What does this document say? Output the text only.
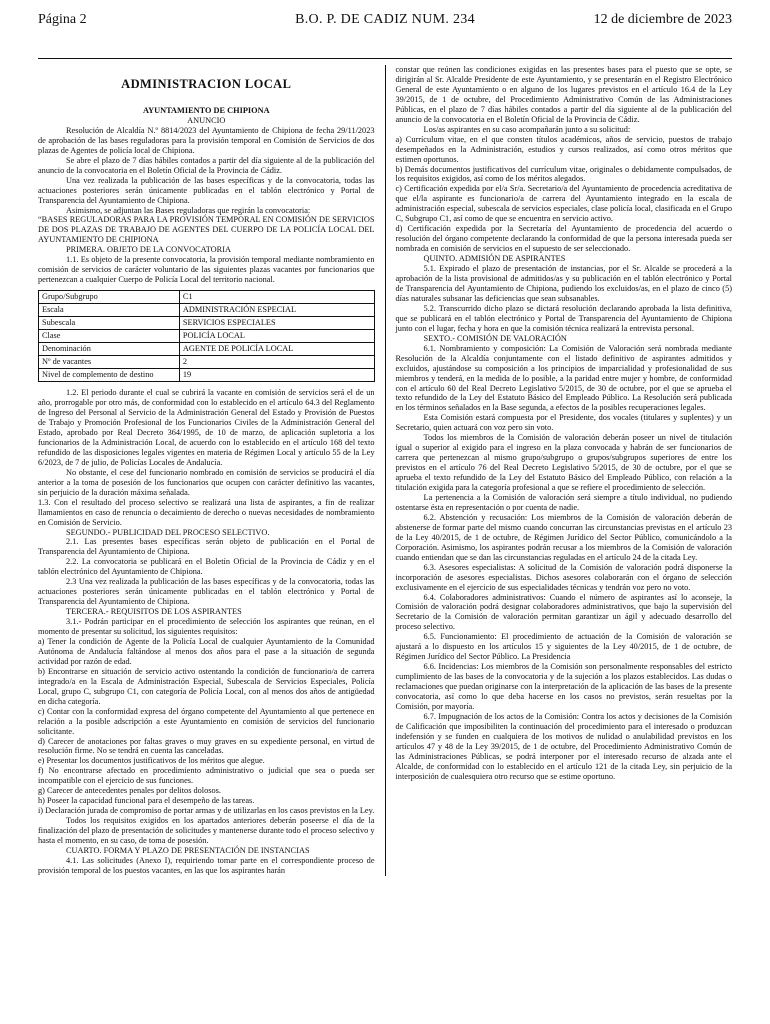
Página 2	12 de diciembre de 2023
B.O. P. DE CADIZ NUM. 234
ADMINISTRACION LOCAL

AYUNTAMIENTO DE CHIPIONA

ANUNCIO

Resolución de Alcaldía N.º 8814/2023 del Ayuntamiento de Chipiona de fecha 29/11/2023 de aprobación de las bases reguladoras para la provisión temporal en Comisión de Servicios de dos plazas de Agentes de policía local de Chipiona.

Se abre el plazo de 7 días hábiles contados a partir del día siguiente al de la publicación del anuncio de la convocatoria en el Boletín Oficial de la Provincia de Cádiz.

Una vez realizada la publicación de las bases específicas y de la convocatoria, todas las actuaciones posteriores serán únicamente publicadas en el tablón electrónico y Portal de Transparencia del Ayuntamiento de Chipiona.

Asimismo, se adjuntan las Bases reguladoras que regirán la convocatoria:

“BASES REGULADORAS PARA LA PROVISIÓN TEMPORAL EN COMISIÓN DE SERVICIOS DE DOS PLAZAS DE TRABAJO DE AGENTES DEL CUERPO DE LA POLICÍA LOCAL DEL AYUNTAMIENTO DE CHIPIONA

PRIMERA. OBJETO DE LA CONVOCATORIA

1.1. Es objeto de la presente convocatoria, la provisión temporal mediante nombramiento en comisión de servicios de carácter voluntario de las siguientes plazas vacantes por funcionarios que pertenezcan a cualquier Cuerpo de Policía Local del territorio nacional.

Grupo/Subgrupo	C1
Escala	ADMINISTRACIÓN ESPECIAL
Subescala	SERVICIOS ESPECIALES
Clase	POLICÍA LOCAL
Denominación	AGENTE DE POLICÍA LOCAL
Nº de vacantes	2
Nivel de complemento de destino	19

1.2. El periodo durante el cual se cubrirá la vacante en comisión de servicios será el de un año, prorrogable por otro más, de conformidad con lo establecido en el artículo 64.3 del Reglamento de Ingreso del Personal al Servicio de la Administración General del Estado y Provisión de Puestos de Trabajo y Promoción Profesional de los Funcionarios Civiles de la Administración General del Estado, aprobado por Real Decreto 364/1995, de 10 de marzo, de aplicación supletoria a los funcionarios de la Administración Local, de acuerdo con lo establecido en el artículo 168 del texto refundido de las disposiciones legales vigentes en materia de Régimen Local y artículo 55 de la Ley 6/2023, de 7 de julio, de Policías Locales de Andalucía.

No obstante, el cese del funcionario nombrado en comisión de servicios se producirá el día anterior a la toma de posesión de los funcionarios que ocupen con carácter definitivo las vacantes, sin perjuicio de la duración máxima señalada.

1.3. Con el resultado del proceso selectivo se realizará una lista de aspirantes, a fin de realizar llamamientos en caso de renuncia o decaimiento de derecho o nuevas necesidades de nombramiento en Comisión de Servicio.

SEGUNDO.- PUBLICIDAD DEL PROCESO SELECTIVO.

2.1. Las presentes bases específicas serán objeto de publicación en el Portal de Transparencia del Ayuntamiento de Chipiona.

2.2. La convocatoria se publicará en el Boletín Oficial de la Provincia de Cádiz y en el tablón electrónico del Ayuntamiento de Chipiona.

2.3 Una vez realizada la publicación de las bases específicas y de la convocatoria, todas las actuaciones posteriores serán únicamente publicadas en el tablón electrónico y Portal de Transparencia del Ayuntamiento de Chipiona.

TERCERA.- REQUISITOS DE LOS ASPIRANTES

3.1.- Podrán participar en el procedimiento de selección los aspirantes que reúnan, en el momento de presentar su solicitud, los siguientes requisitos:

a) Tener la condición de Agente de la Policía Local de cualquier Ayuntamiento de la Comunidad Autónoma de Andalucía faltándose al menos dos años para el pase a la situación de segunda actividad por razón de edad.

b) Encontrarse en situación de servicio activo ostentando la condición de funcionario/a de carrera integrado/a en la Escala de Administración Especial, Subescala de Servicios Especiales, Policía Local, grupo C, subgrupo C1, con categoría de Policía Local, con al menos dos años de antigüedad en dicha categoría.

c) Contar con la conformidad expresa del órgano competente del Ayuntamiento al que pertenece en relación a la posible adscripción a este Ayuntamiento en comisión de servicios del funcionario solicitante.

d) Carecer de anotaciones por faltas graves o muy graves en su expediente personal, en virtud de resolución firme. No se tendrá en cuenta las canceladas.

e) Presentar los documentos justificativos de los méritos que alegue.

f) No encontrarse afectado en procedimiento administrativo o judicial que sea o pueda ser incompatible con el ejercicio de sus funciones.

g) Carecer de antecedentes penales por delitos dolosos.

h) Poseer la capacidad funcional para el desempeño de las tareas.

i) Declaración jurada de compromiso de portar armas y de utilizarlas en los casos previstos en la Ley.

Todos los requisitos exigidos en los apartados anteriores deberán poseerse el día de la finalización del plazo de presentación de solicitudes y mantenerse durante todo el proceso selectivo y hasta el momento, en su caso, de toma de posesión.

CUARTO. FORMA Y PLAZO DE PRESENTACIÓN DE INSTANCIAS

4.1. Las solicitudes (Anexo I), requiriendo tomar parte en el correspondiente proceso de provisión temporal de los puestos vacantes, en las que los aspirantes harán

constar que reúnen las condiciones exigidas en las presentes bases para el puesto que se opte, se dirigirán al Sr. Alcalde Presidente de este Ayuntamiento, y se presentarán en el Registro Electrónico General de este Ayuntamiento o en alguno de los lugares previstos en el artículo 16.4 de la Ley 39/2015, de 1 de octubre, del Procedimiento Administrativo Común de las Administraciones Públicas, en el plazo de 7 días hábiles contados a partir del día siguiente al de la publicación del anuncio de la convocatoria en el Boletín Oficial de la Provincia de Cádiz.

Los/as aspirantes en su caso acompañarán junto a su solicitud:

a) Currículum vitae, en el que consten títulos académicos, años de servicio, puestos de trabajo desempeñados en la Administración, estudios y cursos realizados, así como otros méritos que estimen oportunos.

b) Demás documentos justificativos del currículum vitae, originales o debidamente compulsados, de los requisitos exigidos, así como de los méritos alegados.

c) Certificación expedida por el/a Sr/a. Secretario/a del Ayuntamiento de procedencia acreditativa de que el/la aspirante es funcionario/a de carrera del Ayuntamiento integrado en la escala de administración especial, subescala de servicios especiales, clase policía local, clasificada en el Grupo C, Subgrupo C1, así como de que se encuentra en servicio activo.

d) Certificación expedida por la Secretaría del Ayuntamiento de procedencia del acuerdo o resolución del órgano competente declarando la conformidad de que la persona interesada pueda ser nombrada en comisión de servicios en el supuesto de ser seleccionado.

QUINTO. ADMISIÓN DE ASPIRANTES

5.1. Expirado el plazo de presentación de instancias, por el Sr. Alcalde se procederá a la aprobación de la lista provisional de admitidos/as y su publicación en el tablón electrónico y Portal de Transparencia del Ayuntamiento de Chipiona, pudiendo los excluidos/as, en el plazo de cinco (5) días naturales subsanar las deficiencias que sean subsanables.

5.2. Transcurrido dicho plazo se dictará resolución declarando aprobada la lista definitiva, que se publicará en el tablón electrónico y Portal de Transparencia del Ayuntamiento de Chipiona junto con el lugar, fecha y hora en que la comisión técnica realizará la entrevista personal.

SEXTO.- COMISIÓN DE VALORACIÓN

6.1. Nombramiento y composición: La Comisión de Valoración será nombrada mediante Resolución de la Alcaldía conjuntamente con el listado definitivo de aspirantes admitidos y excluidos, ajustándose su composición a los principios de imparcialidad y profesionalidad de sus miembros y tenderá, en la medida de lo posible, a la paridad entre mujer y hombre, de conformidad con el artículo 60 del Real Decreto Legislativo 5/2015, de 30 de octubre, por el que se aprueba el texto refundido de la Ley del Estatuto Básico del Empleado Público. La Resolución será publicada en los términos señalados en la Base segunda, a efectos de la posibles recuperaciones legales.

Esta Comisión estará compuesta por el Presidente, dos vocales (titulares y suplentes) y un Secretario, quien actuará con voz pero sin voto.

Todos los miembros de la Comisión de valoración deberán poseer un nivel de titulación igual o superior al exigido para el ingreso en la plaza convocada y habrán de ser funcionarios de carrera que pertenezcan al mismo grupo/subgrupo o grupos/subgrupos superiores de entre los previstos en el artículo 76 del Real Decreto Legislativo 5/2015, de 30 de octubre, por el que se aprueba el texto refundido de la Ley del Estatuto Básico del Empleado Público, con relación a la titulación exigida para la categoría profesional a que se refiere el procedimiento de selección.

La pertenencia a la Comisión de valoración será siempre a título individual, no pudiendo ostentarse ésta en representación o por cuenta de nadie.

6.2. Abstención y recusación: Los miembros de la Comisión de valoración deberán de abstenerse de formar parte del mismo cuando concurran las circunstancias previstas en el artículo 23 de la Ley 40/2015, de 1 de octubre, de Régimen Jurídico del Sector Público, comunicándolo a la Corporación. Asimismo, los aspirantes podrán recusar a los miembros de la Comisión de valoración cuando entiendan que se dan las circunstancias reguladas en el artículo 24 de la citada Ley.

6.3. Asesores especialistas: A solicitud de la Comisión de valoración podrá disponerse la incorporación de asesores especialistas. Dichos asesores colaborarán con el órgano de selección exclusivamente en el ejercicio de sus especialidades técnicas y tendrán voz pero no voto.

6.4. Colaboradores administrativos: Cuando el número de aspirantes así lo aconseje, la Comisión de valoración podrá designar colaboradores administrativos, que bajo la supervisión del Secretario de la Comisión de valoración permitan garantizar un ágil y adecuado desarrollo del proceso selectivo.

6.5. Funcionamiento: El procedimiento de actuación de la Comisión de valoración se ajustará a lo dispuesto en los artículos 15 y siguientes de la Ley 40/2015, de 1 de octubre, de Régimen Jurídico del Sector Público. La Presidencia

6.6. Incidencias: Los miembros de la Comisión son personalmente responsables del estricto cumplimiento de las bases de la convocatoria y de la sujeción a los plazos establecidos. Las dudas o reclamaciones que puedan originarse con la interpretación de la aplicación de las bases de la presente convocatoria, así como lo que deba hacerse en los casos no previstos, serán resueltas por la Comisión, por mayoría.

6.7. Impugnación de los actos de la Comisión: Contra los actos y decisiones de la Comisión de Calificación que imposibiliten la continuación del procedimiento para el interesado o produzcan indefensión y se funden en cualquiera de los motivos de nulidad o anulabilidad previstos en los artículos 47 y 48 de la Ley 39/2015, de 1 de octubre, del Procedimiento Administrativo Común de las Administraciones Públicas, se podrá interponer por el interesado recurso de alzada ante el Alcalde, de conformidad con lo establecido en el artículo 121 de la citada Ley, sin perjuicio de la interposición de cualesquiera otro recurso que se estime oportuno.
